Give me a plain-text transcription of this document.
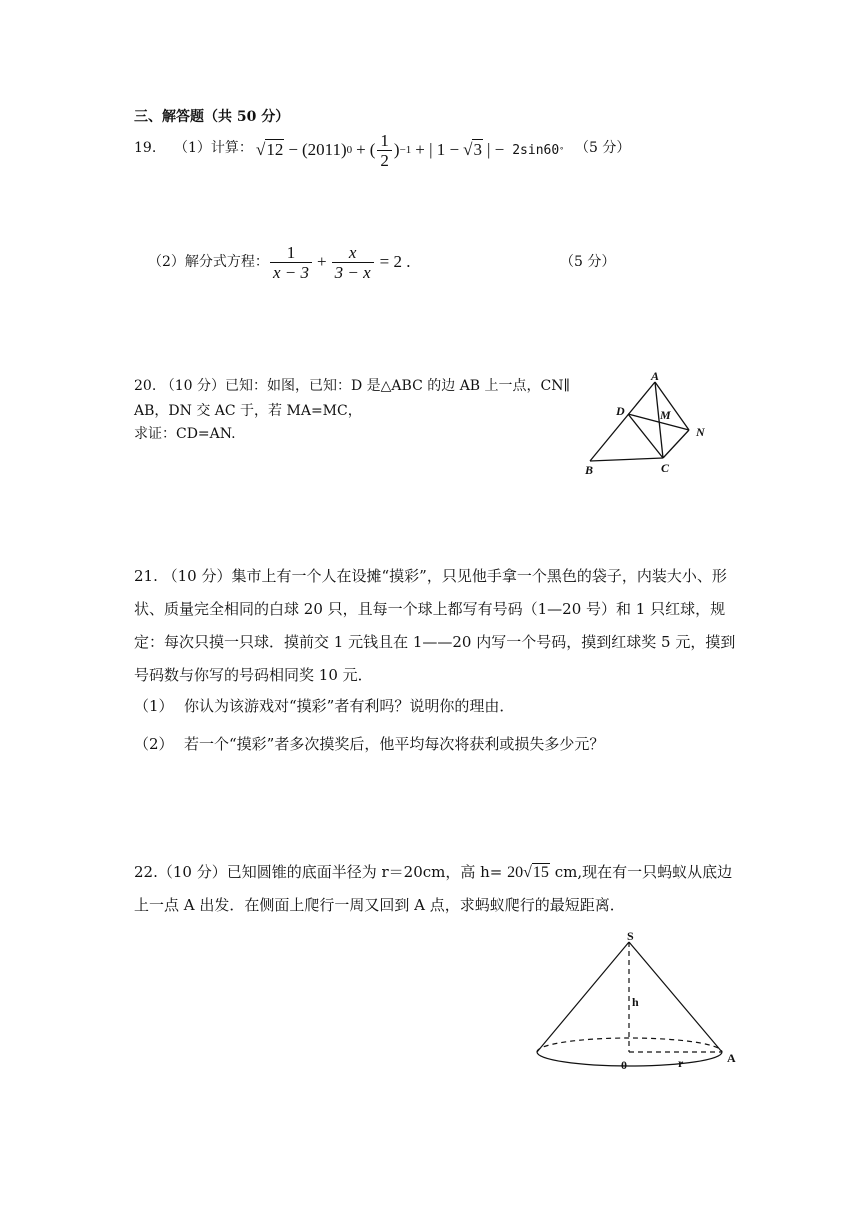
三、解答题（共 50 分）
19. （1）计算： √ 12 − (2011) 0 + ( $\frac{1}{2}$ ) −1 + | 1 − √ 3 | − 2sin60 ° （5 分）
（2）解分式方程： $\frac{1}{x - 3} + \frac{x}{3 - x} = 2$ .	（5 分）
20. （10 分）已知：如图，已知：D 是△ABC 的边 AB 上一点，CN∥
AB，DN 交 AC 于，若 MA=MC，
求证：CD=AN.
A
B	C
D	M
N
21. （10 分）集市上有一个人在设摊“摸彩”，只见他手拿一个黑色的袋子，内装大小、形状、质量完全相同的白球 20 只，且每一个球上都写有号码（1—20 号）和 1 只红球，规定：每次只摸一只球．摸前交 1 元钱且在 1——20 内写一个号码，摸到红球奖 5 元，摸到号码数与你写的号码相同奖 10 元．
（1） 你认为该游戏对“摸彩”者有利吗？说明你的理由．
（2） 若一个“摸彩”者多次摸奖后，他平均每次将获利或损失多少元？
22.（10 分）已知圆锥的底面半径为 r＝20cm，高 h= 20√15 cm,现在有一只蚂蚁从底边上一点 A 出发．在侧面上爬行一周又回到 A 点，求蚂蚁爬行的最短距离．
S
h
0	r	A
